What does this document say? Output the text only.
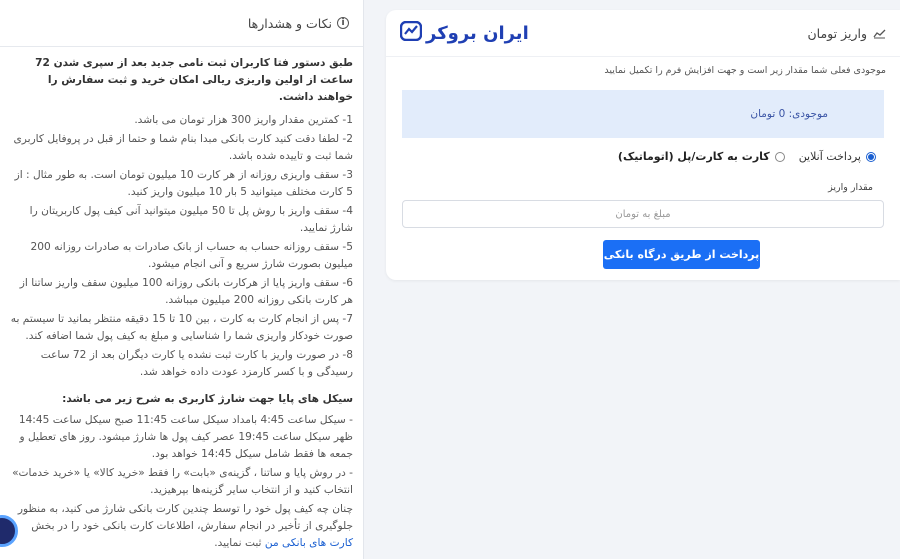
i
نکات و هشدارها

طبق دستور فتا کاربران ثبت نامی جدید بعد از سپری شدن 72 ساعت از اولین واریزی ریالی امکان خرید و ثبت سفارش را خواهند داشت.

1- کمترین مقدار واریز 300 هزار تومان می باشد.

2- لطفا دقت کنید کارت بانکی مبدا بنام شما و حتما از قبل در پروفایل کاربری شما ثبت و تاییده شده باشد.

3- سقف واریزی روزانه از هر کارت 10 میلیون تومان است. به طور مثال : از 5 کارت مختلف میتوانید 5 بار 10 میلیون واریز کنید.

4- سقف واریز با روش پل تا 50 میلیون میتوانید آنی کیف پول کاربریتان را شارژ نمایید.

5- سقف روزانه حساب به حساب از بانک صادرات به صادرات روزانه 200 میلیون بصورت شارژ سریع و آنی انجام میشود.

6- سقف واریز پایا از هرکارت بانکی روزانه 100 میلیون سقف واریز ساتنا از هر کارت بانکی روزانه 200 میلیون میباشد.

7- پس از انجام کارت به کارت ، بین 10 تا 15 دقیقه منتظر بمانید تا سیستم به صورت خودکار واریزی شما را شناسایی و مبلغ به کیف پول شما اضافه کند.

8- در صورت واریز با کارت ثبت نشده یا کارت دیگران بعد از 72 ساعت رسیدگی و با کسر کارمزد عودت داده خواهد شد.

سیکل های پایا جهت شارژ کاربری به شرح زیر می باشد:

- سیکل ساعت 4:45 بامداد سیکل ساعت 11:45 صبح سیکل ساعت 14:45 ظهر سیکل ساعت 19:45 عصر کیف پول ها شارژ میشود. روز های تعطیل و جمعه ها فقط شامل سیکل 14:45 خواهد بود.

- در روش پایا و ساتنا ، گزینه‌ی «بابت» را فقط «خرید کالا» یا «خرید خدمات» انتخاب کنید و از انتخاب سایر گزینه‌ها بپرهیزید.

چنان چه کیف پول خود را توسط چندین کارت بانکی شارژ می کنید، به منظور جلوگیری از تأخیر در انجام سفارش، اطلاعات کارت بانکی خود را در بخش کارت های بانکی من ثبت نمایید.

واریز تومان
ایران بروکر
موجودی فعلی شما مقدار زیر است و جهت افزایش فرم را تکمیل نمایید
موجودی: 0 تومان
پرداخت آنلاین
کارت به کارت/پل (اتوماتیک)
مقدار واریز
مبلغ به تومان
پرداخت از طریق درگاه بانکی
